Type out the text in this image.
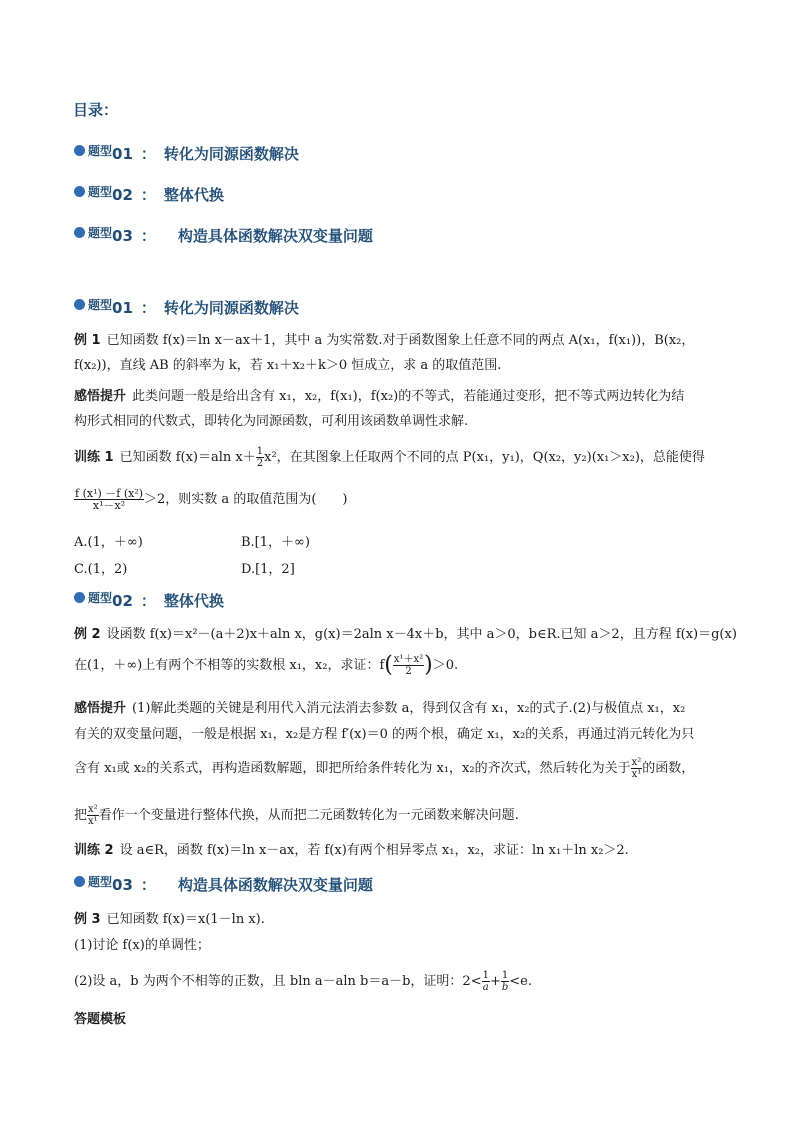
目录：
题型 01 ： 转化为同源函数解决
题型 02 ： 整体代换
题型 03 ： 构造具体函数解决双变量问题
题型 01 ： 转化为同源函数解决
例 1 已知函数 f(x)＝ln x－ax＋1，其中 a 为实常数.对于函数图象上任意不同的两点 A(x₁，f(x₁))，B(x₂，
f(x₂))，直线 AB 的斜率为 k，若 x₁＋x₂＋k＞0 恒成立，求 a 的取值范围.
感悟提升 此类问题一般是给出含有 x₁，x₂，f(x₁)，f(x₂)的不等式，若能通过变形，把不等式两边转化为结
构形式相同的代数式，即转化为同源函数，可利用该函数单调性求解.
训练 1 已知函数 f(x)＝aln $x+ \frac{1}{2} x^2$，在其图象上任取两个不同的点 P(x₁，y₁)，Q(x₂，y₂)(x₁＞x₂)，总能使得
$\frac{\text{f (x¹) －f (x²)}}{\text{x¹－x²}} >2$，则实数 a 的取值范围为(　　)
A.(1，＋∞)	B.[1，＋∞)
C.(1，2)	D.[1，2]
题型 02 ： 整体代换
例 2 设函数 f(x)＝x²－(a＋2)x＋aln x，g(x)＝2aln x－4x＋b，其中 a＞0，b∈R.已知 a＞2，且方程 f(x)＝g(x)
在(1，＋∞)上有两个不相等的实数根 x₁，x₂，求证：$f( \frac{\text{x¹＋x²}}{2} )>0$.
感悟提升 (1)解此类题的关键是利用代入消元法消去参数 a，得到仅含有 x₁，x₂的式子.(2)与极值点 x₁，x₂
有关的双变量问题，一般是根据 x₁，x₂是方程 f′(x)＝0 的两个根，确定 x₁，x₂的关系，再通过消元转化为只
含有 x₁或 x₂的关系式，再构造函数解题，即把所给条件转化为 x₁，x₂的齐次式，然后转化为关于 $\frac{\text{x²}}{\text{x¹}}$ 的函数，
把 $\frac{\text{x²}}{\text{x¹}}$ 看作一个变量进行整体代换，从而把二元函数转化为一元函数来解决问题.
训练 2 设 a∈R，函数 f(x)＝ln x－ax，若 f(x)有两个相异零点 x₁，x₂，求证：ln x₁＋ln x₂＞2.
题型 03 ： 构造具体函数解决双变量问题
例 3 已知函数 f(x)＝x(1－ln x).
(1)讨论 f(x)的单调性；
(2)设 a，b 为两个不相等的正数，且 bln a－aln b＝a－b，证明：$2< \frac{1}{a} + \frac{1}{b} <e$.
答题模板
